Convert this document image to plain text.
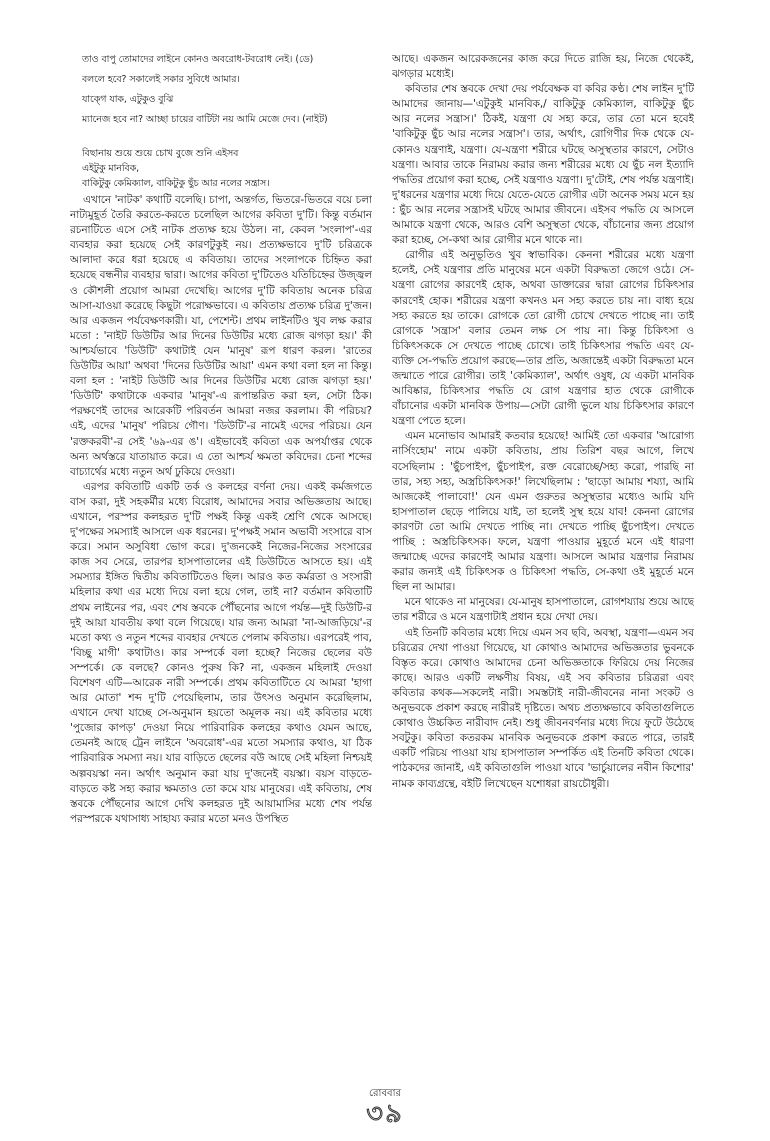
তাও বাপু তোমাদের লাইনে কোনও অবরোধ-টবরোধ নেই। (ডে)

বললে হবে? সকালেই সকার সুবিধে আমার।

যাক্গে যাক, এটুকুও বুঝি

ম্যানেজ হবে না? আচ্ছা চায়ের বাটিটা নয় আমি মেজে দেব। (নাইট)

বিছানায় শুয়ে শুয়ে চোখ বুজে শুনি এইসব

এইটুকু মানবিক,

বাকিটুকু কেমিক্যাল, বাকিটুকু ছুঁচ আর নলের সন্ত্রাস।

এখানে 'নাটক' কথাটি বলেছি। চাপা, অন্তর্গত, ভিতরে-ভিতরে বয়ে চলা নাট্যমুহূর্ত তৈরি করতে-করতে চলেছিল আগের কবিতা দু'টি। কিন্তু বর্তমান রচনাটিতে এসে সেই নাটক প্রত্যক্ষ হয়ে উঠল। না, কেবল 'সংলাপ'-এর ব্যবহার করা হয়েছে সেই কারণটুকুই নয়। প্রত্যক্ষভাবে দু'টি চরিত্রকে আলাদা করে ধরা হয়েছে এ কবিতায়। তাদের সংলাপকে চিহ্নিত করা হয়েছে বন্ধনীর ব্যবহার দ্বারা। আগের কবিতা দু'টিতেও যতিচিহ্নের উজ্জ্বল ও কৌশলী প্রয়োগ আমরা দেখেছি। আগের দু'টি কবিতায় অনেক চরিত্র আসা-যাওয়া করেছে কিছুটা পরোক্ষভাবে। এ কবিতায় প্রত্যক্ষ চরিত্র দু'জন। আর একজন পর্যবেক্ষণকারী। যা, পেশেন্ট। প্রথম লাইনটিও খুব লক্ষ করার মতো : 'নাইট ডিউটির আর দিনের ডিউটির মধ্যে রোজ ঝগড়া হয়।' কী আশ্চর্যভাবে 'ডিউটি' কথাটাই যেন 'মানুষ' রূপ ধারণ করল। 'রাতের ডিউটির আয়া' অথবা 'দিনের ডিউটির আয়া' এমন কথা বলা হল না কিন্তু। বলা হল : 'নাইট ডিউটি আর দিনের ডিউটির মধ্যে রোজ ঝগড়া হয়।' 'ডিউটি' কথাটাকে একবার 'মানুষ'-এ রূপান্তরিত করা হল, সেটা ঠিক। পরক্ষণেই তাদের আরেকটি পরিবর্তন আমরা নজর করলাম। কী পরিচয়? এই, এদের 'মানুষ' পরিচয় গৌণ। 'ডিউটি'-র নামেই এদের পরিচয়। যেন 'রক্তকরবী'-র সেই '৬৯-এর ঙ'। এইভাবেই কবিতা এক অপর্যাপ্তর থেকে অন্য অর্থস্তরে যাতায়াত করে। এ তো আশ্চর্য ক্ষমতা কবিদের। চেনা শব্দের বাচ্যার্থের মধ্যে নতুন অর্থ ঢুকিয়ে দেওয়া।

এরপর কবিতাটি একটি তর্ক ও কলহের বর্ণনা দেয়। একই কর্মজগতে বাস করা, দুই সহকর্মীর মধ্যে বিরোধ, আমাদের সবার অভিজ্ঞতায় আছে। এখানে, পরস্পর কলহরত দু'টি পক্ষই কিন্তু একই শ্রেণি থেকে আসছে। দু'পক্ষের সমস্যাই আসলে এক ধরনের। দু'পক্ষই সমান অভাবী সংসারে বাস করে। সমান অসুবিধা ভোগ করে। দু'জনকেই নিজের-নিজের সংসারের কাজ সব সেরে, তারপর হাসপাতালের এই ডিউটিতে আসতে হয়। এই সমস্যার ইঙ্গিত দ্বিতীয় কবিতাটিতেও ছিল। আরও কত কর্মরতা ও সংসারী মহিলার কথা এর মধ্যে দিয়ে বলা হয়ে গেল, তাই না? বর্তমান কবিতাটি প্রথম লাইনের পর, এবং শেষ স্তবকে পৌঁছনোর আগে পর্যন্ত—দুই ডিউটি-র দুই আয়া যাবতীয় কথা বলে গিয়েছে। যার জন্য আমরা 'না-আজড়িয়ে'-র মতো কথ্য ও নতুন শব্দের ব্যবহার দেখতে পেলাম কবিতায়। এরপরেই পাব, 'বিচ্ছু মাগী' কথাটাও। কার সম্পর্কে বলা হচ্ছে? নিজের ছেলের বউ সম্পর্কে। কে বলছে? কোনও পুরুষ কি? না, একজন মহিলাই দেওয়া বিশেষণ এটি—আরেক নারী সম্পর্কে। প্রথম কবিতাটিতে যে আমরা 'হাগা আর মোতা' শব্দ দু'টি পেয়েছিলাম, তার উৎসও অনুমান করেছিলাম, এখানে দেখা যাচ্ছে সে-অনুমান হয়তো অমূলক নয়। এই কবিতার মধ্যে 'পুজোর কাপড়' দেওয়া নিয়ে পারিবারিক কলহের কথাও যেমন আছে, তেমনই আছে ট্রেন লাইনে 'অবরোধ'-এর মতো সমস্যার কথাও, যা ঠিক পারিবারিক সমস্যা নয়। যার বাড়িতে ছেলের বউ আছে সেই মহিলা নিশ্চয়ই অল্পবয়স্কা নন। অর্থাৎ অনুমান করা যায় দু'জনেই বয়স্কা। বয়স বাড়তে-বাড়তে কষ্ট সহ্য করার ক্ষমতাও তো কমে যায় মানুষের। এই কবিতায়, শেষ স্তবকে পৌঁছনোর আগে দেখি কলহরত দুই আয়ামাসির মধ্যে শেষ পর্যন্ত পরস্পরকে যথাসাধ্য সাহায্য করার মতো মনও উপস্থিত

আছে। একজন আরেকজনের কাজ করে দিতে রাজি হয়, নিজে থেকেই, ঝগড়ার মধ্যেই।

কবিতার শেষ স্তবকে দেখা দেয় পর্যবেক্ষক বা কবির কণ্ঠ। শেষ লাইন দু'টি আমাদের জানায়—'এটুকুই মানবিক,/ বাকিটুকু কেমিক্যাল, বাকিটুকু ছুঁচ আর নলের সন্ত্রাস।' ঠিকই, যন্ত্রণা যে সহ্য করে, তার তো মনে হবেই 'বাকিটুকু ছুঁচ আর নলের সন্ত্রাস'। তার, অর্থাৎ, রোগিণীর দিক থেকে যে-কোনও যন্ত্রণাই, যন্ত্রণা। যে-যন্ত্রণা শরীরে ঘটছে অসুস্থতার কারণে, সেটাও যন্ত্রণা। আবার তাকে নিরাময় করার জন্য শরীরের মধ্যে যে ছুঁচ নল ইত্যাদি পদ্ধতির প্রয়োগ করা হচ্ছে, সেই যন্ত্রণাও যন্ত্রণা। দু'টোই, শেষ পর্যন্ত যন্ত্রণাই। দু'ধরনের যন্ত্রণার মধ্যে দিয়ে যেতে-যেতে রোগীর এটা অনেক সময় মনে হয় : ছুঁচ আর নলের সন্ত্রাসই ঘটছে আমার জীবনে। এইসব পদ্ধতি যে আসলে আমাকে যন্ত্রণা থেকে, আরও বেশি অসুস্থতা থেকে, বাঁচানোর জন্য প্রয়োগ করা হচ্ছে, সে-কথা আর রোগীর মনে থাকে না।

রোগীর এই অনুভূতিও খুব স্বাভাবিক। কেননা শরীরের মধ্যে যন্ত্রণা হলেই, সেই যন্ত্রণার প্রতি মানুষের মনে একটা বিরুদ্ধতা জেগে ওঠে। সে-যন্ত্রণা রোগের কারণেই হোক, অথবা ডাক্তারের দ্বারা রোগের চিকিৎসার কারণেই হোক। শরীরের যন্ত্রণা কখনও মন সহ্য করতে চায় না। বাধ্য হয়ে সহ্য করতে হয় তাকে। রোগকে তো রোগী চোখে দেখতে পাচ্ছে না। তাই রোগকে 'সন্ত্রাস' বলার তেমন লক্ষ সে পায় না। কিন্তু চিকিৎসা ও চিকিৎসককে সে দেখতে পাচ্ছে চোখে। তাই চিকিৎসার পদ্ধতি এবং যে-ব্যক্তি সে-পদ্ধতি প্রয়োগ করছে—তার প্রতি, অজান্তেই একটা বিরুদ্ধতা মনে জন্মাতে পারে রোগীর। তাই 'কেমিক্যাল', অর্থাৎ ওষুধ, যে একটা মানবিক আবিষ্কার, চিকিৎসার পদ্ধতি যে রোগ যন্ত্রণার হাত থেকে রোগীকে বাঁচানোর একটা মানবিক উপায়—সেটা রোগী ভুলে যায় চিকিৎসার কারণে যন্ত্রণা পেতে হলে।

এমন মনোভাব আমারই কতবার হয়েছে! আমিই তো একবার 'আরোগ্য নার্সিংহোম' নামে একটা কবিতায়, প্রায় তিরিশ বছর আগে, লিখে বসেছিলাম : 'ছুঁচপাইপ, ছুঁচপাইপ, রক্ত বেরোচ্ছে/সহ্য করো, পারছি না তার, সহ্য সহ্য, অস্ত্রচিকিৎসক!' লিখেছিলাম : 'ছাড়ো আমায় শয্যা, আমি আজকেই পালাবো!' যেন এমন গুরুতর অসুস্থতার মধ্যেও আমি যদি হাসপাতাল ছেড়ে পালিয়ে যাই, তা হলেই সুস্থ হয়ে যাব! কেননা রোগের কারণটা তো আমি দেখতে পাচ্ছি না। দেখতে পাচ্ছি ছুঁচপাইপ। দেখতে পাচ্ছি : অস্ত্রচিকিৎসক। ফলে, যন্ত্রণা পাওয়ার মুহূর্তে মনে এই ধারণা জন্মাচ্ছে এদের কারণেই আমার যন্ত্রণা। আসলে আমার যন্ত্রণার নিরাময় করার জন্যই এই চিকিৎসক ও চিকিৎসা পদ্ধতি, সে-কথা ওই মুহূর্তে মনে ছিল না আমার।

মনে থাকেও না মানুষের। যে-মানুষ হাসপাতালে, রোগশয্যায় শুয়ে আছে তার শরীরে ও মনে যন্ত্রণাটাই প্রধান হয়ে দেখা দেয়।

এই তিনটি কবিতার মধ্যে দিয়ে এমন সব ছবি, অবস্থা, যন্ত্রণা—এমন সব চরিত্রের দেখা পাওয়া গিয়েছে, যা কোথাও আমাদের অভিজ্ঞতার ভুবনকে বিস্তৃত করে। কোথাও আমাদের চেনা অভিজ্ঞতাকে ফিরিয়ে দেয় নিজের কাছে। আরও একটি লক্ষণীয় বিষয়, এই সব কবিতার চরিত্ররা এবং কবিতার কথক—সকলেই নারী। সমস্তটাই নারী-জীবনের নানা সংকট ও অনুভবকে প্রকাশ করছে নারীরই দৃষ্টিতে। অথচ প্রত্যক্ষভাবে কবিতাগুলিতে কোথাও উচ্চকিত নারীবাদ নেই। শুধু জীবনবর্ণনার মধ্যে দিয়ে ফুটে উঠেছে সবটুকু। কবিতা কতরকম মানবিক অনুভবকে প্রকাশ করতে পারে, তারই একটি পরিচয় পাওয়া যায় হাসপাতাল সম্পর্কিত এই তিনটি কবিতা থেকে। পাঠকদের জানাই, এই কবিতাগুলি পাওয়া যাবে 'ভার্চুয়ালের নবীন কিশোর' নামক কাব্যগ্রন্থে, বইটি লিখেছেন যশোধরা রায়চৌধুরী।

রোববার
৩৯
